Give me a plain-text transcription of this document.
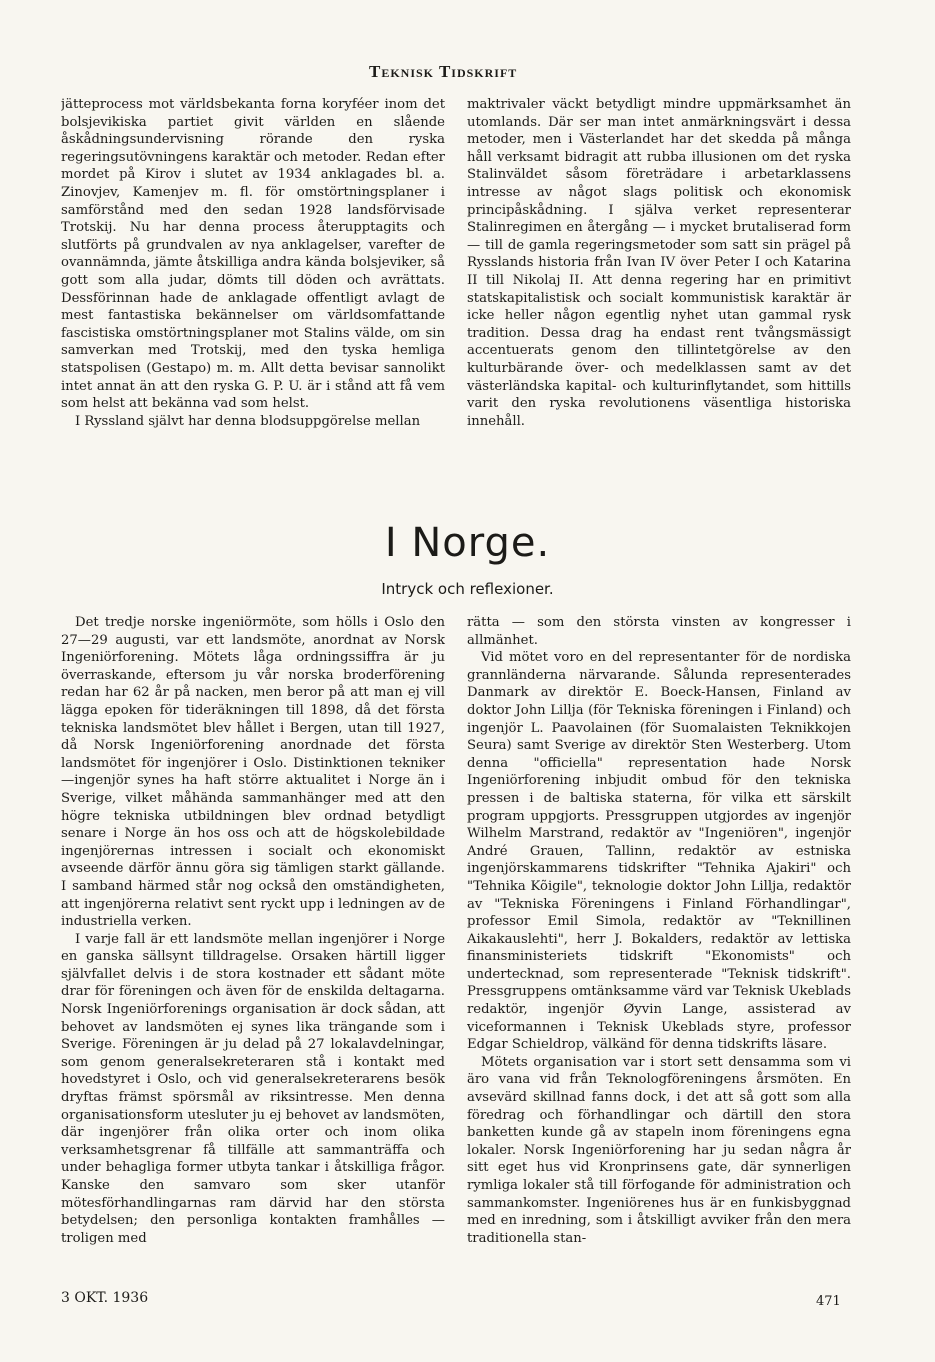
Teknisk Tidskrift

jätteprocess mot världsbekanta forna koryféer inom det bolsjevikiska partiet givit världen en slående åskådningsundervisning rörande den ryska regeringsutövningens karaktär och metoder. Redan efter mordet på Kirov i slutet av 1934 anklagades bl. a. Zinovjev, Kamenjev m. fl. för omstörtningsplaner i samförstånd med den sedan 1928 landsförvisade Trotskij. Nu har denna process återupptagits och slutförts på grundvalen av nya anklagelser, varefter de ovannämnda, jämte åtskilliga andra kända bolsjeviker, så gott som alla judar, dömts till döden och avrättats. Dessförinnan hade de anklagade offentligt avlagt de mest fantastiska bekännelser om världsomfattande fascistiska omstörtningsplaner mot Stalins välde, om sin samverkan med Trotskij, med den tyska hemliga statspolisen (Gestapo) m. m. Allt detta bevisar sannolikt intet annat än att den ryska G. P. U. är i stånd att få vem som helst att bekänna vad som helst.

I Ryssland självt har denna blodsuppgörelse mellan

maktrivaler väckt betydligt mindre uppmärksamhet än utomlands. Där ser man intet anmärkningsvärt i dessa metoder, men i Västerlandet har det skedda på många håll verksamt bidragit att rubba illusionen om det ryska Stalinväldet såsom företrädare i arbetarklassens intresse av något slags politisk och ekonomisk principåskådning. I själva verket representerar Stalinregimen en återgång — i mycket brutaliserad form — till de gamla regeringsmetoder som satt sin prägel på Rysslands historia från Ivan IV över Peter I och Katarina II till Nikolaj II. Att denna regering har en primitivt statskapitalistisk och socialt kommunistisk karaktär är icke heller någon egentlig nyhet utan gammal rysk tradition. Dessa drag ha endast rent tvångsmässigt accentuerats genom den tillintetgörelse av den kulturbärande över- och medelklassen samt av det västerländska kapital- och kulturinflytandet, som hittills varit den ryska revolutionens väsentliga historiska innehåll.

I Norge.
Intryck och reflexioner.

Det tredje norske ingeniörmöte, som hölls i Oslo den 27—29 augusti, var ett landsmöte, anordnat av Norsk Ingeniörforening. Mötets låga ordningssiffra är ju överraskande, eftersom ju vår norska broderförening redan har 62 år på nacken, men beror på att man ej vill lägga epoken för tideräkningen till 1898, då det första tekniska landsmötet blev hållet i Bergen, utan till 1927, då Norsk Ingeniörforening anordnade det första landsmötet för ingenjörer i Oslo. Distinktionen tekniker—ingenjör synes ha haft större aktualitet i Norge än i Sverige, vilket måhända sammanhänger med att den högre tekniska utbildningen blev ordnad betydligt senare i Norge än hos oss och att de högskolebildade ingenjörernas intressen i socialt och ekonomiskt avseende därför ännu göra sig tämligen starkt gällande. I samband härmed står nog också den omständigheten, att ingenjörerna relativt sent ryckt upp i ledningen av de industriella verken.

I varje fall är ett landsmöte mellan ingenjörer i Norge en ganska sällsynt tilldragelse. Orsaken härtill ligger självfallet delvis i de stora kostnader ett sådant möte drar för föreningen och även för de enskilda deltagarna. Norsk Ingeniörforenings organisation är dock sådan, att behovet av landsmöten ej synes lika trängande som i Sverige. Föreningen är ju delad på 27 lokalavdelningar, som genom generalsekreteraren stå i kontakt med hovedstyret i Oslo, och vid generalsekreterarens besök dryftas främst spörsmål av riksintresse. Men denna organisationsform utesluter ju ej behovet av landsmöten, där ingenjörer från olika orter och inom olika verksamhetsgrenar få tillfälle att sammanträffa och under behagliga former utbyta tankar i åtskilliga frågor. Kanske den samvaro som sker utanför mötesförhandlingarnas ram därvid har den största betydelsen; den personliga kontakten framhålles — troligen med

rätta — som den största vinsten av kongresser i allmänhet.

Vid mötet voro en del representanter för de nordiska grannländerna närvarande. Sålunda representerades Danmark av direktör E. Boeck-Hansen, Finland av doktor John Lillja (för Tekniska föreningen i Finland) och ingenjör L. Paavolainen (för Suomalaisten Teknikkojen Seura) samt Sverige av direktör Sten Westerberg. Utom denna "officiella" representation hade Norsk Ingeniörforening inbjudit ombud för den tekniska pressen i de baltiska staterna, för vilka ett särskilt program uppgjorts. Pressgruppen utgjordes av ingenjör Wilhelm Marstrand, redaktör av "Ingeniören", ingenjör André Grauen, Tallinn, redaktör av estniska ingenjörskammarens tidskrifter "Tehnika Ajakiri" och "Tehnika Kõigile", teknologie doktor John Lillja, redaktör av "Tekniska Föreningens i Finland Förhandlingar", professor Emil Simola, redaktör av "Teknillinen Aikakauslehti", herr J. Bokalders, redaktör av lettiska finansministeriets tidskrift "Ekonomists" och undertecknad, som representerade "Teknisk tidskrift". Pressgruppens omtänksamme värd var Teknisk Ukeblads redaktör, ingenjör Øyvin Lange, assisterad av viceformannen i Teknisk Ukeblads styre, professor Edgar Schieldrop, välkänd för denna tidskrifts läsare.

Mötets organisation var i stort sett densamma som vi äro vana vid från Teknologföreningens årsmöten. En avsevärd skillnad fanns dock, i det att så gott som alla föredrag och förhandlingar och därtill den stora banketten kunde gå av stapeln inom föreningens egna lokaler. Norsk Ingeniörforening har ju sedan några år sitt eget hus vid Kronprinsens gate, där synnerligen rymliga lokaler stå till förfogande för administration och sammankomster. Ingeniörenes hus är en funkisbyggnad med en inredning, som i åtskilligt avviker från den mera traditionella stan-

3 OKT. 1936	471
